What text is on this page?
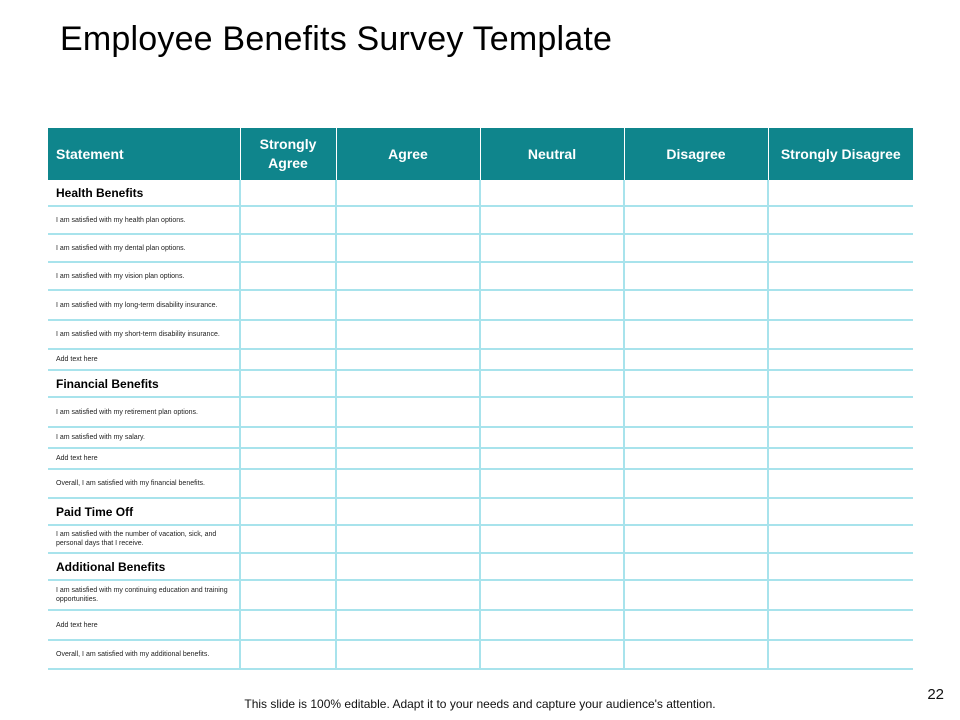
Employee Benefits Survey Template
Statement	Strongly Agree	Agree	Neutral	Disagree	Strongly Disagree
Health Benefits					
I am satisfied with my health plan options.					
I am satisfied with my dental plan options.					
I am satisfied with my vision plan options.					
I am satisfied with my long-term disability insurance.					
I am satisfied with my short-term disability insurance.					
Add text here					
Financial Benefits					
I am satisfied with my retirement plan options.					
I am satisfied with my salary.					
Add text here					
Overall, I am satisfied with my financial benefits.					
Paid Time Off					
I am satisfied with the number of vacation, sick, and personal days that I receive.					
Additional Benefits					
I am satisfied with my continuing education and training opportunities.					
Add text here					
Overall, I am satisfied with my additional benefits.					
This slide is 100% editable. Adapt it to your needs and capture your audience's attention.
22
